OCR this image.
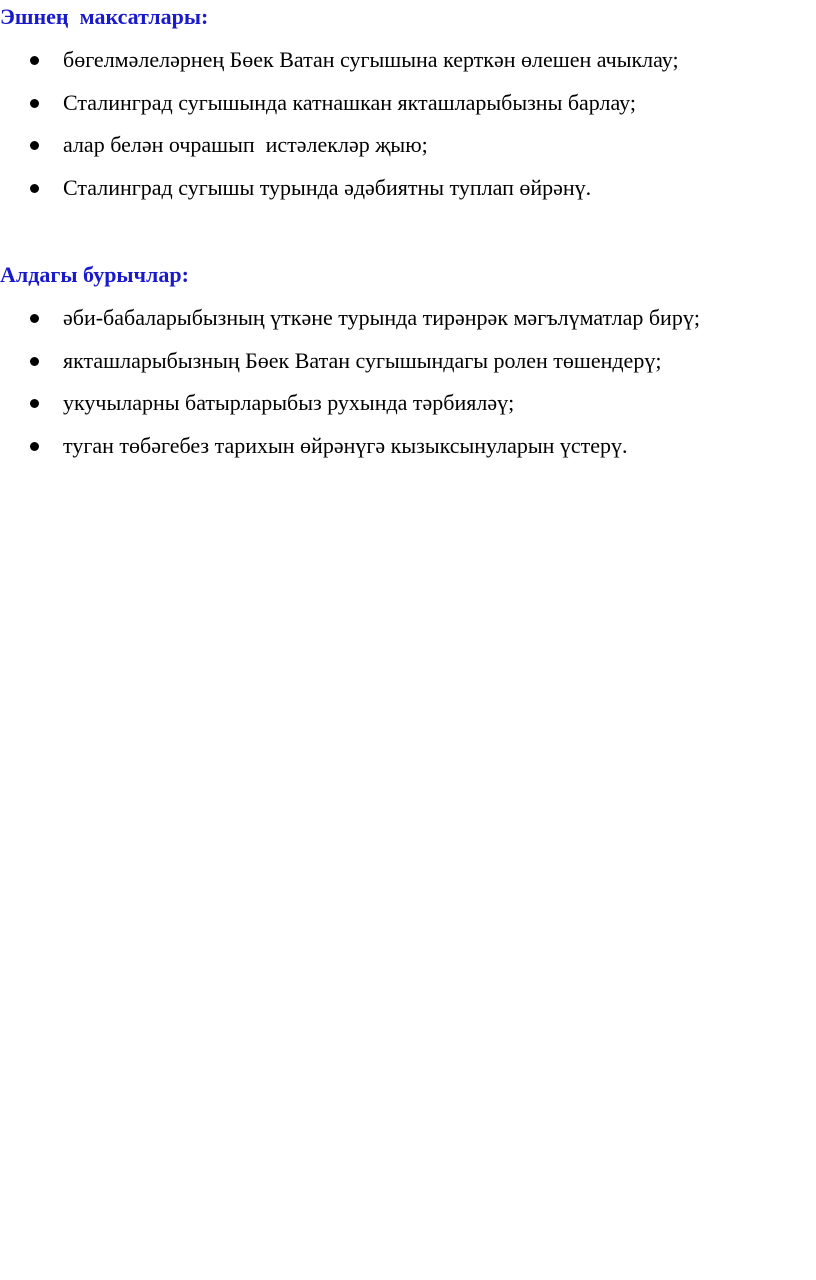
Эшнең  максатлары:

бөгелмәлеләрнең Бөек Ватан сугышына керткән өлешен ачыклау;

Сталинград сугышында катнашкан якташларыбызны барлау;

алар белән очрашып  истәлекләр җыю;

Сталинград сугышы турында әдәбиятны туплап өйрәнү.

Алдагы бурычлар:

әби-бабаларыбызның үткәне турында тирәнрәк мәгълүматлар бирү;

якташларыбызның Бөек Ватан сугышындагы ролен төшендерү;

укучыларны батырларыбыз рухында тәрбияләү;

туган төбәгебез тарихын өйрәнүгә кызыксынуларын үстерү.
